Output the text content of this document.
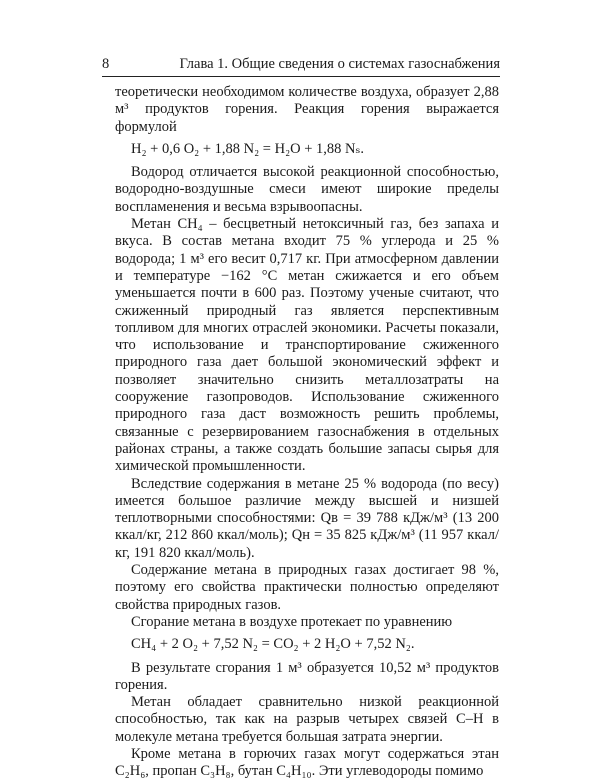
8	Глава 1. Общие сведения о системах газоснабжения

теоретически необходимом количестве воздуха, образует 2,88 м³ продуктов горения. Реакция горения выражается формулой

H₂ + 0,6 O₂ + 1,88 N₂ = H₂O + 1,88 Nₛ.

Водород отличается высокой реакционной способностью, водородно-воздушные смеси имеют широкие пределы воспламенения и весьма взрывоопасны.

Метан CH₄ – бесцветный нетоксичный газ, без запаха и вкуса. В состав метана входит 75 % углерода и 25 % водорода; 1 м³ его весит 0,717 кг. При атмосферном давлении и температуре −162 °C метан сжижается и его объем уменьшается почти в 600 раз. Поэтому ученые считают, что сжиженный природный газ является перспективным топливом для многих отраслей экономики. Расчеты показали, что использование и транспортирование сжиженного природного газа дает большой экономический эффект и позволяет значительно снизить металлозатраты на сооружение газопроводов. Использование сжиженного природного газа даст возможность решить проблемы, связанные с резервированием газоснабжения в отдельных районах страны, а также создать большие запасы сырья для химической промышленности.

Вследствие содержания в метане 25 % водорода (по весу) имеется большое различие между высшей и низшей теплотворными способностями: Qв = 39 788 кДж/м³ (13 200 ккал/кг, 212 860 ккал/моль); Qн = 35 825 кДж/м³ (11 957 ккал/кг, 191 820 ккал/моль).

Содержание метана в природных газах достигает 98 %, поэтому его свойства практически полностью определяют свойства природных газов.

Сгорание метана в воздухе протекает по уравнению

CH₄ + 2 O₂ + 7,52 N₂ = CO₂ + 2 H₂O + 7,52 N₂.

В результате сгорания 1 м³ образуется 10,52 м³ продуктов горения.

Метан обладает сравнительно низкой реакционной способностью, так как на разрыв четырех связей C–H в молекуле метана требуется большая затрата энергии.

Кроме метана в горючих газах могут содержаться этан C₂H₆, пропан C₃H₈, бутан C₄H₁₀. Эти углеводороды помимо
